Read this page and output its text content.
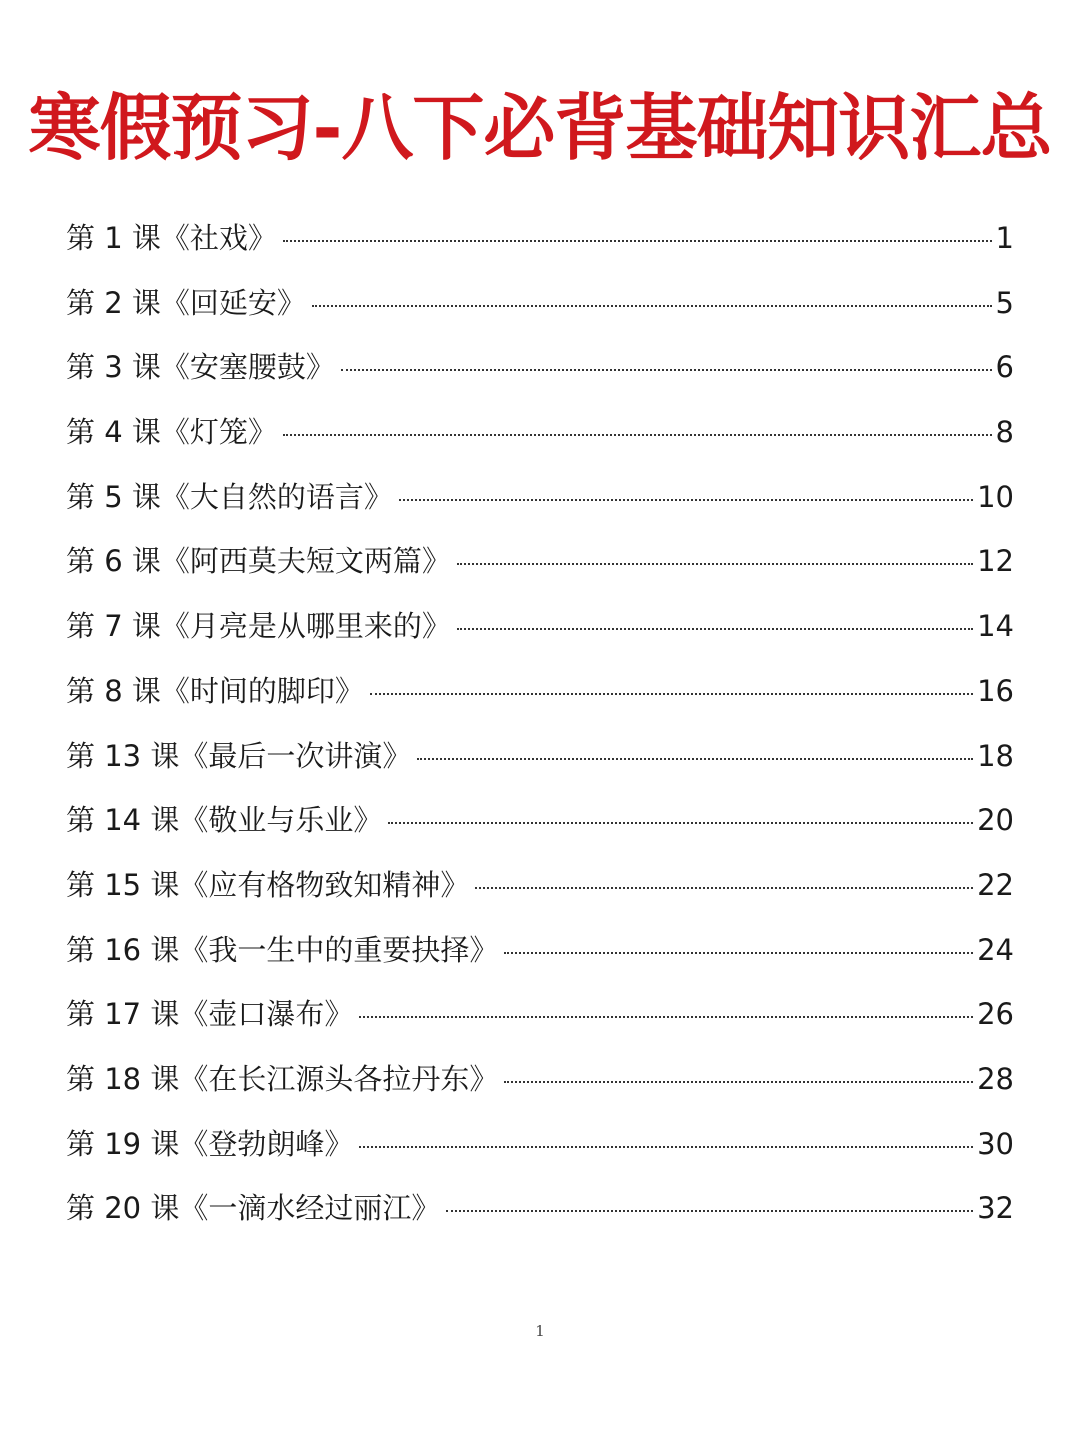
寒假预习-八下必背基础知识汇总
第 1 课《社戏》	1
第 2 课《回延安》	5
第 3 课《安塞腰鼓》	6
第 4 课《灯笼》	8
第 5 课《大自然的语言》	10
第 6 课《阿西莫夫短文两篇》	12
第 7 课《月亮是从哪里来的》	14
第 8 课《时间的脚印》	16
第 13 课《最后一次讲演》	18
第 14 课《敬业与乐业》	20
第 15 课《应有格物致知精神》	22
第 16 课《我一生中的重要抉择》	24
第 17 课《壶口瀑布》	26
第 18 课《在长江源头各拉丹东》	28
第 19 课《登勃朗峰》	30
第 20 课《一滴水经过丽江》	32
1
